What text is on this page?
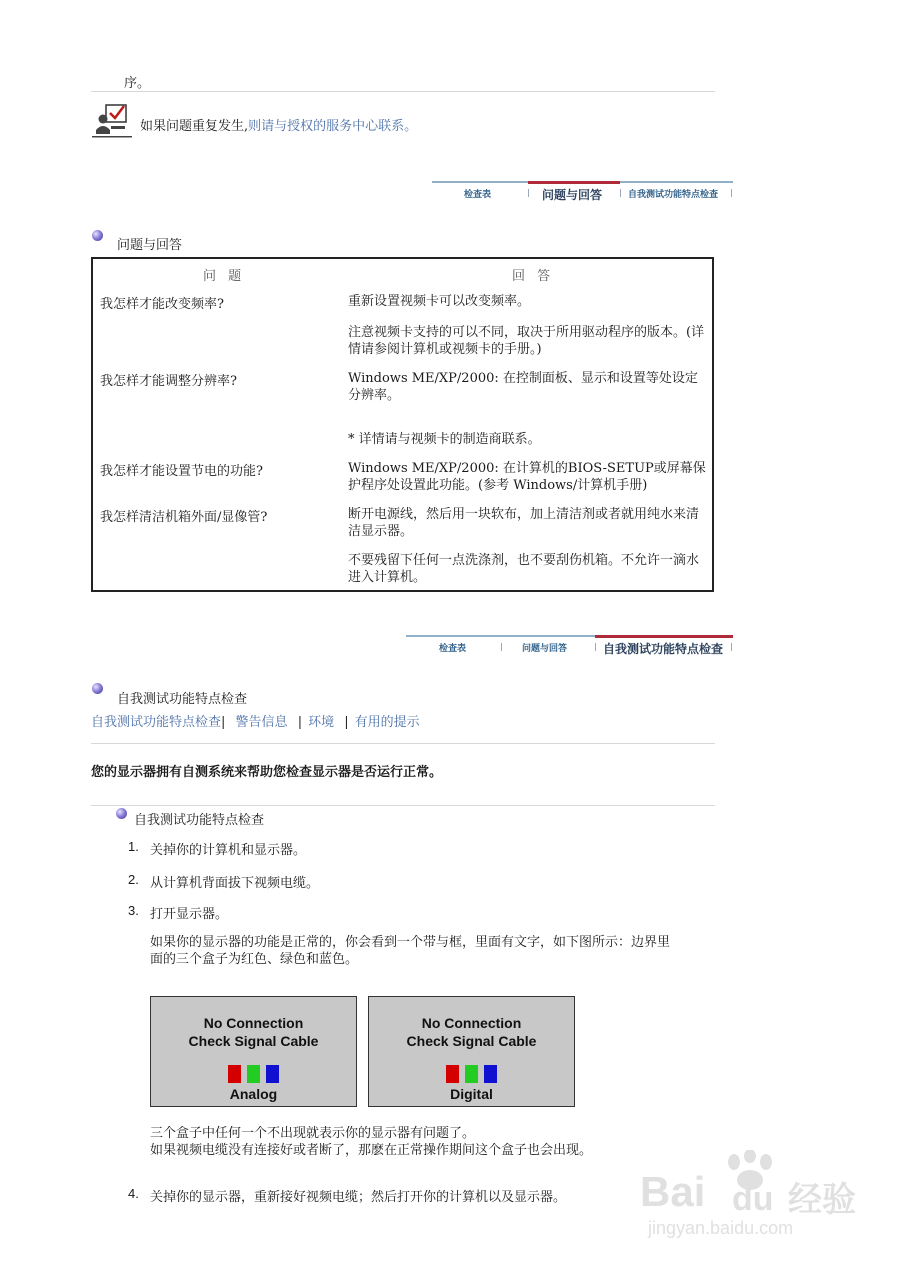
序。
如果问题重复发生,则请与授权的服务中心联系。
检查表	问题与回答	自我测试功能特点检查
问题与回答
问 题	回 答
我怎样才能改变频率?	重新设置视频卡可以改变频率。
注意视频卡支持的可以不同，取决于所用驱动程序的版本。(详情请参阅计算机或视频卡的手册。)
我怎样才能调整分辨率?	Windows ME/XP/2000: 在控制面板、显示和设置等处设定分辨率。
* 详情请与视频卡的制造商联系。
我怎样才能设置节电的功能?	Windows ME/XP/2000: 在计算机的BIOS-SETUP或屏幕保护程序处设置此功能。(参考 Windows/计算机手册)
我怎样清洁机箱外面/显像管?	断开电源线，然后用一块软布，加上清洁剂或者就用纯水来清洁显示器。
不要残留下任何一点洗涤剂，也不要刮伤机箱。不允许一滴水进入计算机。
检查表	问题与回答	自我测试功能特点检查
自我测试功能特点检查
自我测试功能特点检查| 警告信息 | 环境 | 有用的提示
您的显示器拥有自测系统来帮助您检查显示器是否运行正常。
自我测试功能特点检查
1. 关掉你的计算机和显示器。
2. 从计算机背面拔下视频电缆。
3. 打开显示器。
如果你的显示器的功能是正常的，你会看到一个带与框，里面有文字，如下图所示：边界里面的三个盒子为红色、绿色和蓝色。
No Connection
Check Signal Cable
Analog
No Connection
Check Signal Cable
Digital
三个盒子中任何一个不出现就表示你的显示器有问题了。
如果视频电缆没有连接好或者断了，那麽在正常操作期间这个盒子也会出现。
4. 关掉你的显示器，重新接好视频电缆；然后打开你的计算机以及显示器。 Bai du 经验
jingyan.baidu.com
